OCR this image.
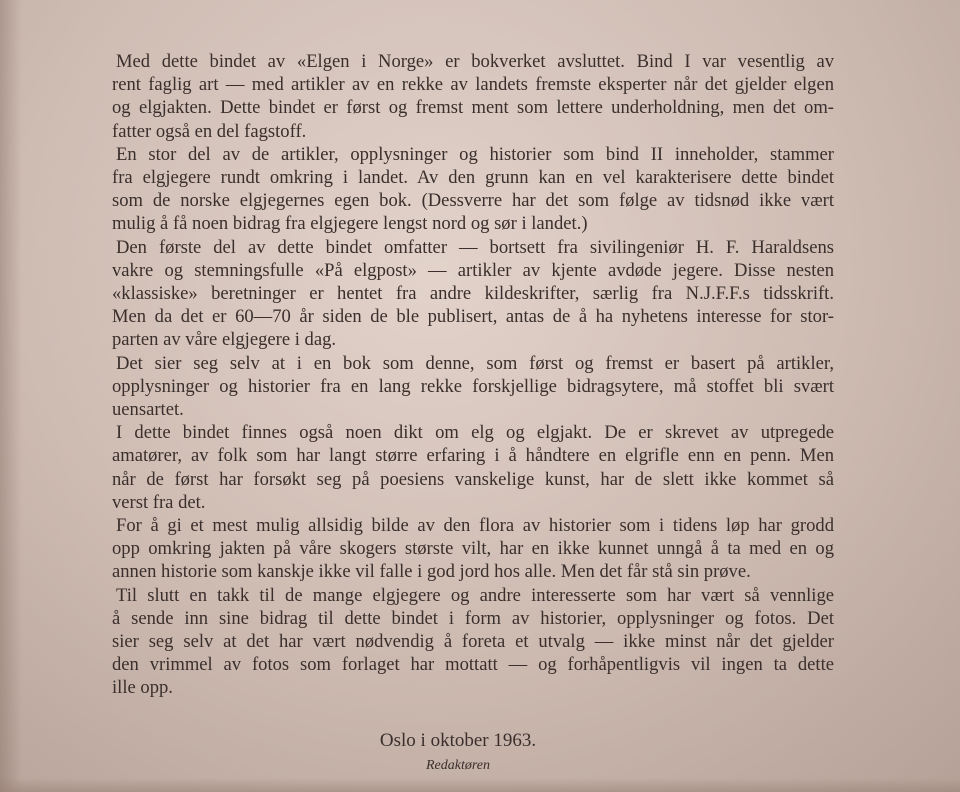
Med dette bindet av «Elgen i Norge» er bokverket avsluttet. Bind I var vesentlig av
rent faglig art — med artikler av en rekke av landets fremste eksperter når det gjelder elgen
og elgjakten. Dette bindet er først og fremst ment som lettere underholdning, men det om-
fatter også en del fagstoff.

En stor del av de artikler, opplysninger og historier som bind II inneholder, stammer
fra elgjegere rundt omkring i landet. Av den grunn kan en vel karakterisere dette bindet
som de norske elgjegernes egen bok. (Dessverre har det som følge av tidsnød ikke vært
mulig å få noen bidrag fra elgjegere lengst nord og sør i landet.)

Den første del av dette bindet omfatter — bortsett fra sivilingeniør H. F. Haraldsens
vakre og stemningsfulle «På elgpost» — artikler av kjente avdøde jegere. Disse nesten
«klassiske» beretninger er hentet fra andre kildeskrifter, særlig fra N.J.F.F.s tidsskrift.
Men da det er 60—70 år siden de ble publisert, antas de å ha nyhetens interesse for stor-
parten av våre elgjegere i dag.

Det sier seg selv at i en bok som denne, som først og fremst er basert på artikler,
opplysninger og historier fra en lang rekke forskjellige bidragsytere, må stoffet bli svært
uensartet.

I dette bindet finnes også noen dikt om elg og elgjakt. De er skrevet av utpregede
amatører, av folk som har langt større erfaring i å håndtere en elgrifle enn en penn. Men
når de først har forsøkt seg på poesiens vanskelige kunst, har de slett ikke kommet så
verst fra det.

For å gi et mest mulig allsidig bilde av den flora av historier som i tidens løp har grodd
opp omkring jakten på våre skogers største vilt, har en ikke kunnet unngå å ta med en og
annen historie som kanskje ikke vil falle i god jord hos alle. Men det får stå sin prøve.

Til slutt en takk til de mange elgjegere og andre interesserte som har vært så vennlige
å sende inn sine bidrag til dette bindet i form av historier, opplysninger og fotos. Det
sier seg selv at det har vært nødvendig å foreta et utvalg — ikke minst når det gjelder
den vrimmel av fotos som forlaget har mottatt — og forhåpentligvis vil ingen ta dette
ille opp.

Oslo i oktober 1963.
Redaktøren
